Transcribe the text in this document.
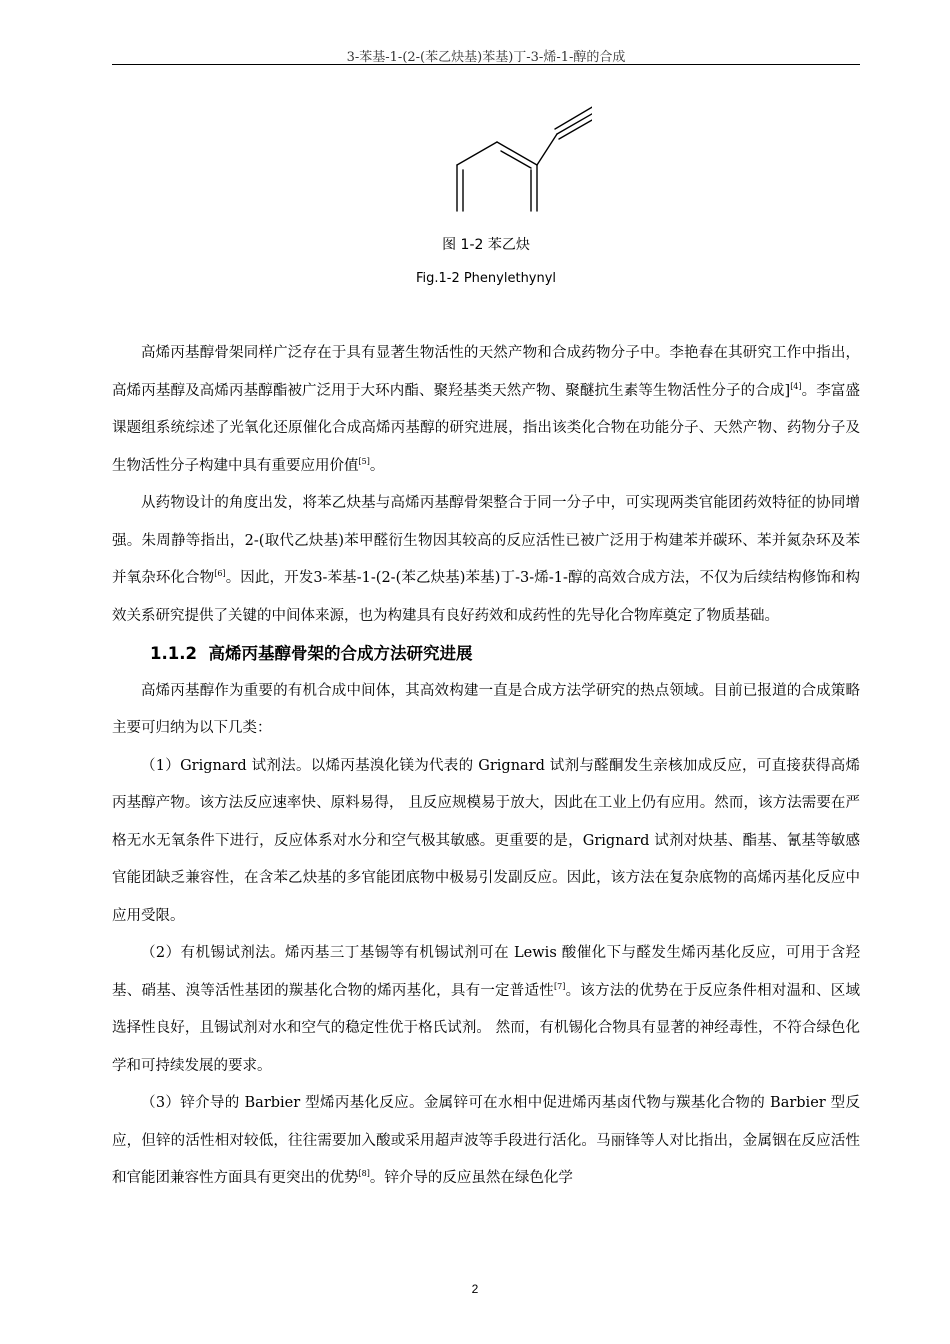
3-苯基-1-(2-(苯乙炔基)苯基)丁-3-烯-1-醇的合成
图 1-2 苯乙炔
Fig.1-2 Phenylethynyl

高烯丙基醇骨架同样广泛存在于具有显著生物活性的天然产物和合成药物分子中。李艳春在其研究工作中指出，高烯丙基醇及高烯丙基醇酯被广泛用于大环内酯、聚羟基类天然产物、聚醚抗生素等生物活性分子的合成][4]。李富盛课题组系统综述了光氧化还原催化合成高烯丙基醇的研究进展，指出该类化合物在功能分子、天然产物、药物分子及生物活性分子构建中具有重要应用价值[5]。

从药物设计的角度出发，将苯乙炔基与高烯丙基醇骨架整合于同一分子中，可实现两类官能团药效特征的协同增强。朱周静等指出，2-(取代乙炔基)苯甲醛衍生物因其较高的反应活性已被广泛用于构建苯并碳环、苯并氮杂环及苯并氧杂环化合物[6]。因此，开发3-苯基-1-(2-(苯乙炔基)苯基)丁-3-烯-1-醇的高效合成方法，不仅为后续结构修饰和构效关系研究提供了关键的中间体来源，也为构建具有良好药效和成药性的先导化合物库奠定了物质基础。

1.1.2 高烯丙基醇骨架的合成方法研究进展

高烯丙基醇作为重要的有机合成中间体，其高效构建一直是合成方法学研究的热点领域。目前已报道的合成策略主要可归纳为以下几类：

（1）Grignard 试剂法。以烯丙基溴化镁为代表的 Grignard 试剂与醛酮发生亲核加成反应，可直接获得高烯丙基醇产物。该方法反应速率快、原料易得， 且反应规模易于放大，因此在工业上仍有应用。然而，该方法需要在严格无水无氧条件下进行，反应体系对水分和空气极其敏感。更重要的是，Grignard 试剂对炔基、酯基、氰基等敏感官能团缺乏兼容性，在含苯乙炔基的多官能团底物中极易引发副反应。因此，该方法在复杂底物的高烯丙基化反应中应用受限。

（2）有机锡试剂法。烯丙基三丁基锡等有机锡试剂可在 Lewis 酸催化下与醛发生烯丙基化反应，可用于含羟基、硝基、溴等活性基团的羰基化合物的烯丙基化，具有一定普适性[7]。该方法的优势在于反应条件相对温和、区域选择性良好，且锡试剂对水和空气的稳定性优于格氏试剂。 然而，有机锡化合物具有显著的神经毒性，不符合绿色化学和可持续发展的要求。

（3）锌介导的 Barbier 型烯丙基化反应。金属锌可在水相中促进烯丙基卤代物与羰基化合物的 Barbier 型反应，但锌的活性相对较低，往往需要加入酸或采用超声波等手段进行活化。马丽锋等人对比指出，金属铟在反应活性和官能团兼容性方面具有更突出的优势[8]。锌介导的反应虽然在绿色化学

2
